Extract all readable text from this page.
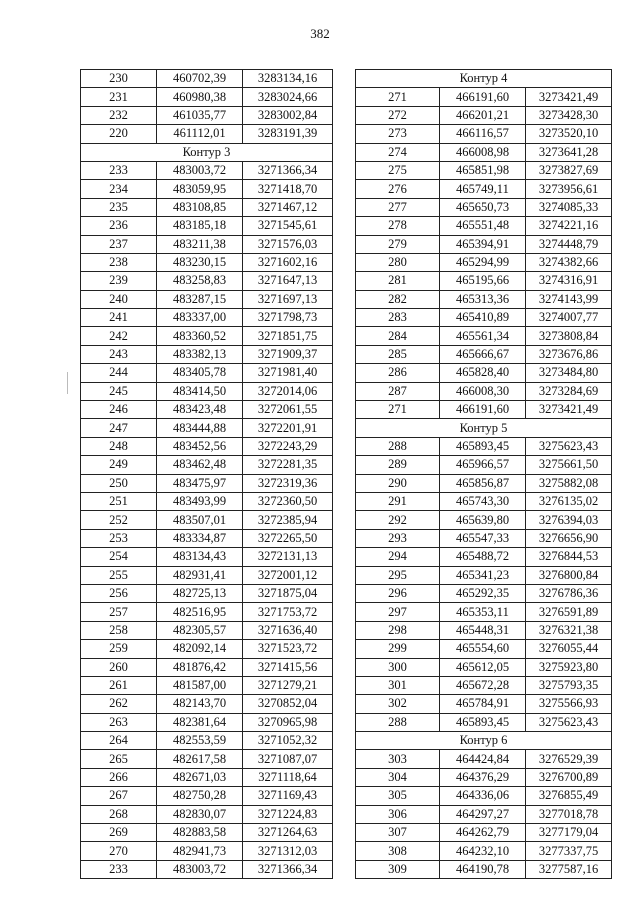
382
230	460702,39	3283134,16
231	460980,38	3283024,66
232	461035,77	3283002,84
220	461112,01	3283191,39
Контур 3		
233	483003,72	3271366,34
234	483059,95	3271418,70
235	483108,85	3271467,12
236	483185,18	3271545,61
237	483211,38	3271576,03
238	483230,15	3271602,16
239	483258,83	3271647,13
240	483287,15	3271697,13
241	483337,00	3271798,73
242	483360,52	3271851,75
243	483382,13	3271909,37
244	483405,78	3271981,40
245	483414,50	3272014,06
246	483423,48	3272061,55
247	483444,88	3272201,91
248	483452,56	3272243,29
249	483462,48	3272281,35
250	483475,97	3272319,36
251	483493,99	3272360,50
252	483507,01	3272385,94
253	483334,87	3272265,50
254	483134,43	3272131,13
255	482931,41	3272001,12
256	482725,13	3271875,04
257	482516,95	3271753,72
258	482305,57	3271636,40
259	482092,14	3271523,72
260	481876,42	3271415,56
261	481587,00	3271279,21
262	482143,70	3270852,04
263	482381,64	3270965,98
264	482553,59	3271052,32
265	482617,58	3271087,07
266	482671,03	3271118,64
267	482750,28	3271169,43
268	482830,07	3271224,83
269	482883,58	3271264,63
270	482941,73	3271312,03
233	483003,72	3271366,34
Контур 4		
271	466191,60	3273421,49
272	466201,21	3273428,30
273	466116,57	3273520,10
274	466008,98	3273641,28
275	465851,98	3273827,69
276	465749,11	3273956,61
277	465650,73	3274085,33
278	465551,48	3274221,16
279	465394,91	3274448,79
280	465294,99	3274382,66
281	465195,66	3274316,91
282	465313,36	3274143,99
283	465410,89	3274007,77
284	465561,34	3273808,84
285	465666,67	3273676,86
286	465828,40	3273484,80
287	466008,30	3273284,69
271	466191,60	3273421,49
Контур 5		
288	465893,45	3275623,43
289	465966,57	3275661,50
290	465856,87	3275882,08
291	465743,30	3276135,02
292	465639,80	3276394,03
293	465547,33	3276656,90
294	465488,72	3276844,53
295	465341,23	3276800,84
296	465292,35	3276786,36
297	465353,11	3276591,89
298	465448,31	3276321,38
299	465554,60	3276055,44
300	465612,05	3275923,80
301	465672,28	3275793,35
302	465784,91	3275566,93
288	465893,45	3275623,43
Контур 6		
303	464424,84	3276529,39
304	464376,29	3276700,89
305	464336,06	3276855,49
306	464297,27	3277018,78
307	464262,79	3277179,04
308	464232,10	3277337,75
309	464190,78	3277587,16
